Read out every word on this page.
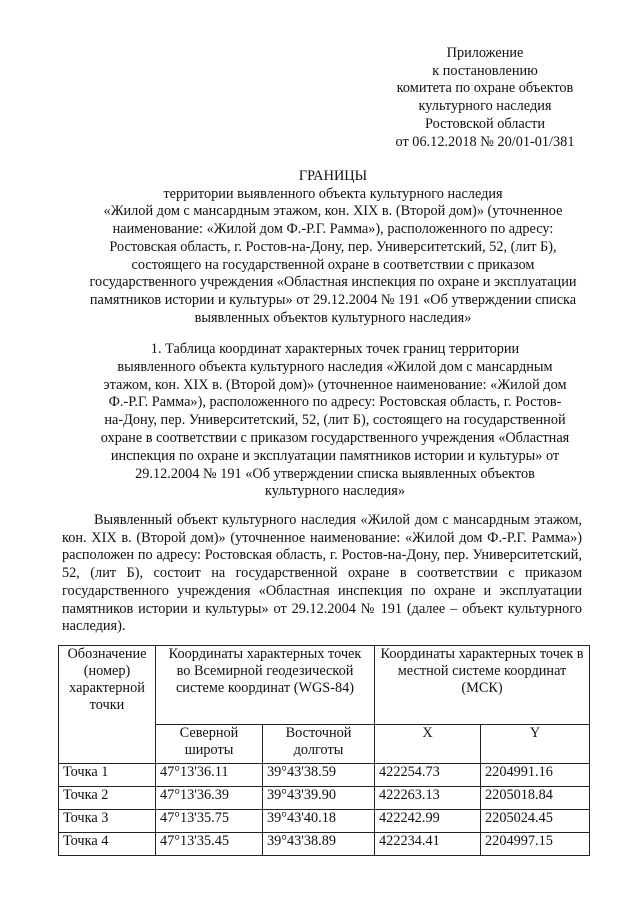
Приложение
к постановлению
комитета по охране объектов
культурного наследия
Ростовской области
от 06.12.2018 № 20/01-01/381
ГРАНИЦЫ
территории выявленного объекта культурного наследия
«Жилой дом с мансардным этажом, кон. XIX в. (Второй дом)» (уточненное
наименование: «Жилой дом Ф.-Р.Г. Рамма»), расположенного по адресу:
Ростовская область, г. Ростов-на-Дону, пер. Университетский, 52, (лит Б),
состоящего на государственной охране в соответствии с приказом
государственного учреждения «Областная инспекция по охране и эксплуатации
памятников истории и культуры» от 29.12.2004 № 191 «Об утверждении списка
выявленных объектов культурного наследия»
1. Таблица координат характерных точек границ территории
выявленного объекта культурного наследия «Жилой дом с мансардным
этажом, кон. XIX в. (Второй дом)» (уточненное наименование: «Жилой дом
Ф.-Р.Г. Рамма»), расположенного по адресу: Ростовская область, г. Ростов-
на-Дону, пер. Университетский, 52, (лит Б), состоящего на государственной
охране в соответствии с приказом государственного учреждения «Областная
инспекция по охране и эксплуатации памятников истории и культуры» от
29.12.2004 № 191 «Об утверждении списка выявленных объектов
культурного наследия»
Выявленный объект культурного наследия «Жилой дом с мансардным этажом, кон. XIX в. (Второй дом)» (уточненное наименование: «Жилой дом Ф.-Р.Г. Рамма») расположен по адресу: Ростовская область, г. Ростов-на-Дону, пер. Университетский, 52, (лит Б), состоит на государственной охране в соответствии с приказом государственного учреждения «Областная инспекция по охране и эксплуатации памятников истории и культуры» от 29.12.2004 № 191 (далее – объект культурного наследия).
Обозначение (номер) характерной точки	Координаты характерных точек во Всемирной геодезической системе координат (WGS-84)		Координаты характерных точек в местной системе координат (МСК)	
	Северной широты	Восточной долготы	X	Y
Точка 1	47°13'36.11	39°43'38.59	422254.73	2204991.16
Точка 2	47°13'36.39	39°43'39.90	422263.13	2205018.84
Точка 3	47°13'35.75	39°43'40.18	422242.99	2205024.45
Точка 4	47°13'35.45	39°43'38.89	422234.41	2204997.15
